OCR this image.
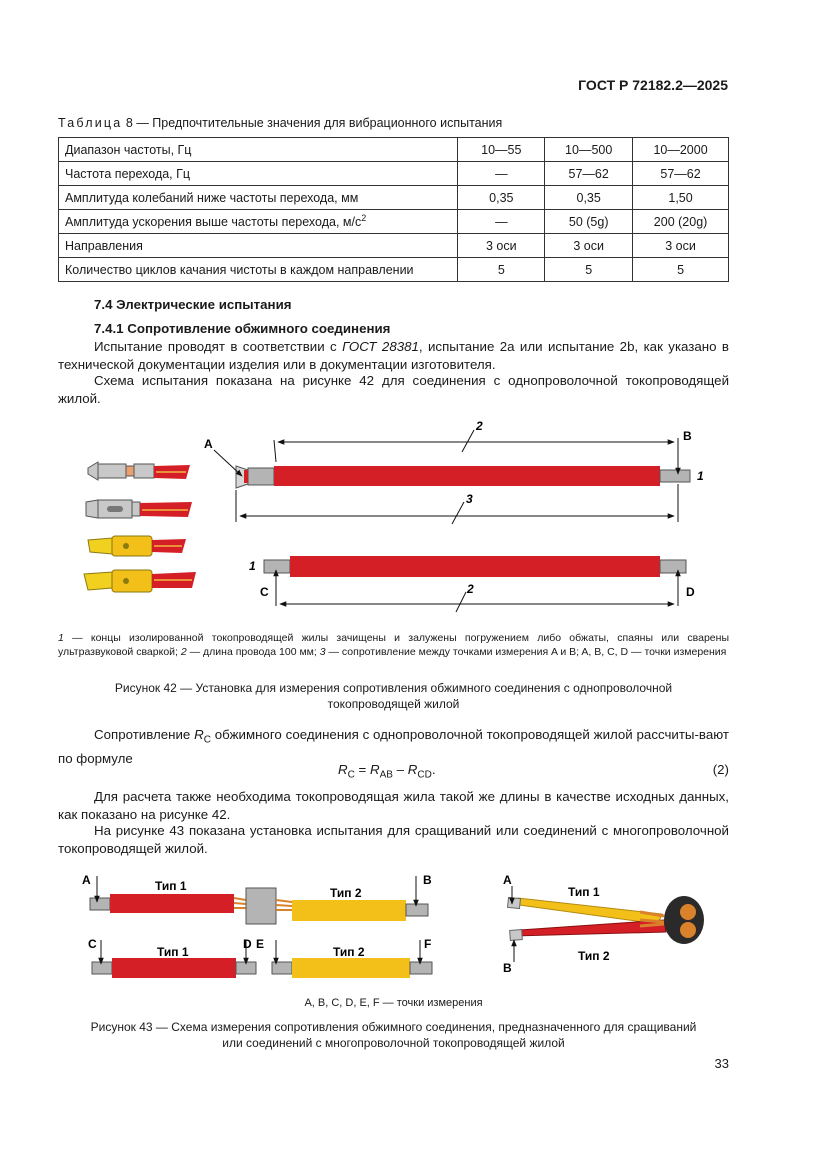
ГОСТ Р 72182.2—2025
Таблица 8 — Предпочтительные значения для вибрационного испытания
Диапазон частоты, Гц	10—55	10—500	10—2000
Частота перехода, Гц	—	57—62	57—62
Амплитуда колебаний ниже частоты перехода, мм	0,35	0,35	1,50
Амплитуда ускорения выше частоты перехода, $м/с^2$	—	50 (5g)	200 (20g)
Направления	3 оси	3 оси	3 оси
Количество циклов качания чистоты в каждом направлении	5	5	5
7.4 Электрические испытания
7.4.1 Сопротивление обжимного соединения
Испытание проводят в соответствии с ГОСТ 28381, испытание 2а или испытание 2b, как указано в технической документации изделия или в документации изготовителя.
Схема испытания показана на рисунке 42 для соединения с однопроволочной токопроводящей жилой.
2
B
1
A
3
1
C	D
2
1 — концы изолированной токопроводящей жилы зачищены и залужены погружением либо обжаты, спаяны или сварены ультразвуковой сваркой; 2 — длина провода 100 мм; 3 — сопротивление между точками измерения A и B; A, B, C, D — точки измерения
Рисунок 42 — Установка для измерения сопротивления обжимного соединения с однопроволочной
токопроводящей жилой
Сопротивление $R_C$ обжимного соединения с однопроволочной токопроводящей жилой рассчиты-вают по формуле
$R_C = R_{AB} - R_{CD}$.	(2)
Для расчета также необходима токопроводящая жила такой же длины в качестве исходных данных, как показано на рисунке 42.
На рисунке 43 показана установка испытания для сращиваний или соединений с многопроволочной токопроводящей жилой.
A	Тип 1	Тип 2
B
C
Тип 1
D E
Тип 2
F
A
Тип 1
Тип 2
B
A, B, C, D, E, F — точки измерения
Рисунок 43 — Схема измерения сопротивления обжимного соединения, предназначенного для сращиваний
или соединений с многопроволочной токопроводящей жилой
33
